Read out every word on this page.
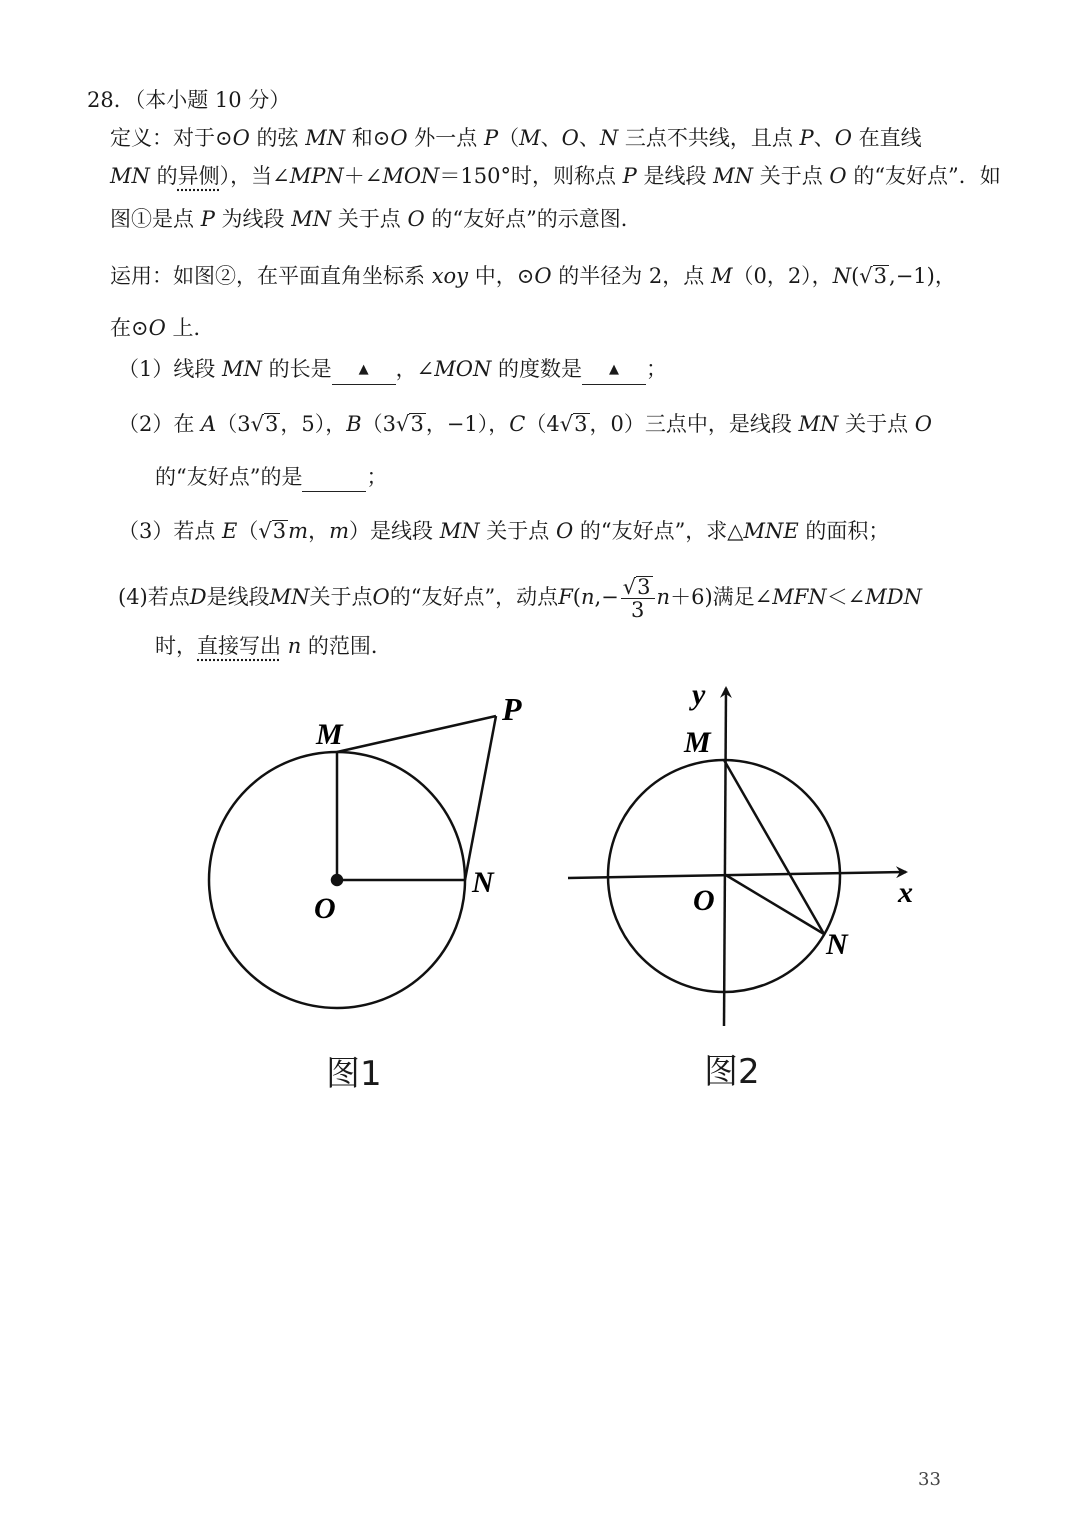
28．（本小题 10 分）
定义：对于⊙O 的弦 MN 和⊙O 外一点 P（M、O、N 三点不共线，且点 P、O 在直线
MN 的异侧），当∠MPN＋∠MON＝150°时，则称点 P 是线段 MN 关于点 O 的“友好点”．如
图①是点 P 为线段 MN 关于点 O 的“友好点”的示意图．
运用：如图②，在平面直角坐标系 xoy 中，⊙O 的半径为 2，点 M（0，2），N(√3,−1)，
在⊙O 上．
（1）线段 MN 的长是 ▲ ，∠MON 的度数是 ▲ ；
（2）在 A（3√3，5），B（3√3，−1），C（4√3，0）三点中，是线段 MN 关于点 O
的“友好点”的是	；
（3）若点 E（√3m，m）是线段 MN 关于点 O 的“友好点”，求△MNE 的面积；
(4)若点D是线段MN关于点O的“友好点”，动点$F(n,- \frac{√3}{3} n+6)$满足∠MFN＜∠MDN
时，直接写出 n 的范围．
M
P
N
O
y
M
O	x
N
图1	图2
33
